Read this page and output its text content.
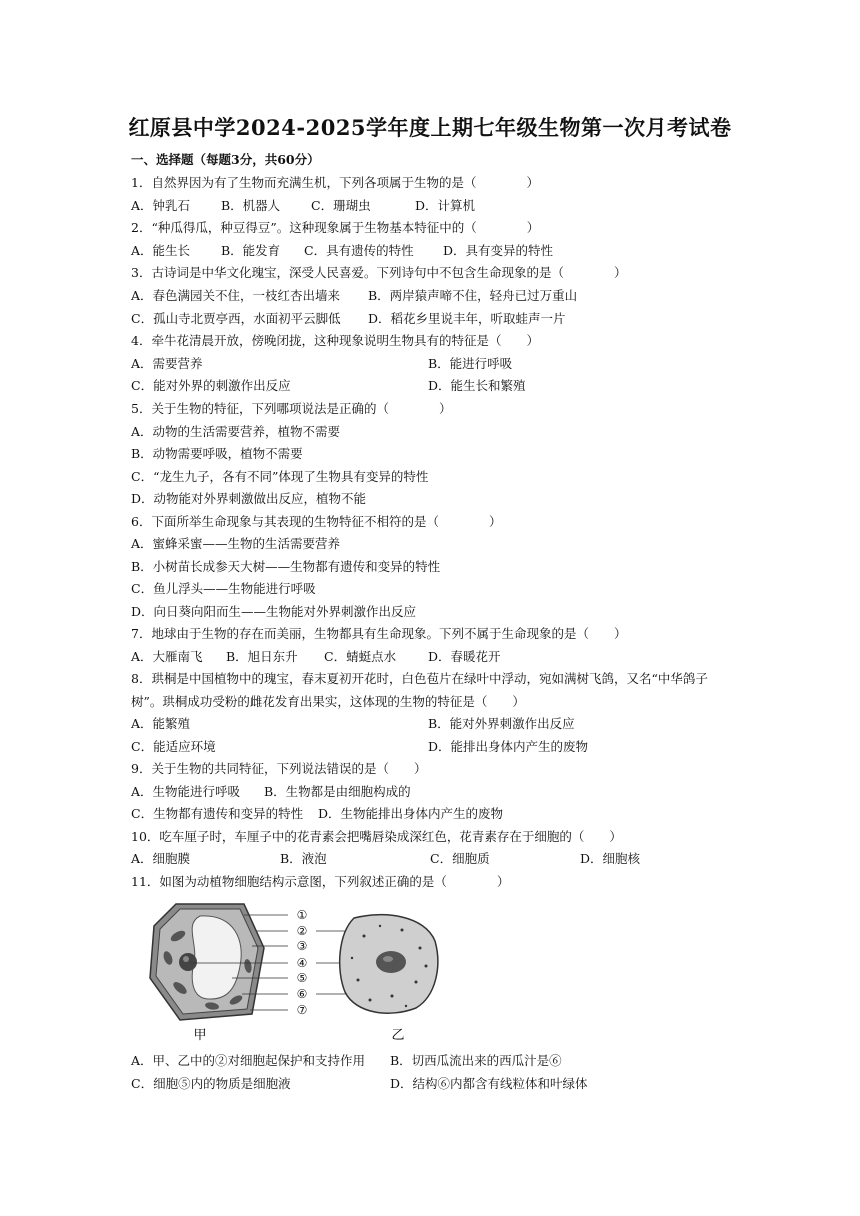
红原县中学2024-2025学年度上期七年级生物第一次月考试卷
一、选择题（每题3分，共60分）
1．自然界因为有了生物而充满生机，下列各项属于生物的是（　　　　）
A．钟乳石 B．机器人 C．珊瑚虫	D．计算机
2．“种瓜得瓜，种豆得豆”。这种现象属于生物基本特征中的（　　　　）
A．能生长 B．能发育 C．具有遗传的特性 D．具有变异的特性
3．古诗词是中华文化瑰宝，深受人民喜爱。下列诗句中不包含生命现象的是（　　　　）
A．春色满园关不住，一枝红杏出墙来 B．两岸猿声啼不住，轻舟已过万重山
C．孤山寺北贾亭西，水面初平云脚低 D．稻花乡里说丰年，听取蛙声一片
4．牵牛花清晨开放，傍晚闭拢，这种现象说明生物具有的特征是（　　）
A．需要营养	B．能进行呼吸
C．能对外界的刺激作出反应	D．能生长和繁殖
5．关于生物的特征，下列哪项说法是正确的（　　　　）
A．动物的生活需要营养，植物不需要
B．动物需要呼吸，植物不需要
C．“龙生九子，各有不同”体现了生物具有变异的特性
D．动物能对外界刺激做出反应，植物不能
6．下面所举生命现象与其表现的生物特征不相符的是（　　　　）
A．蜜蜂采蜜——生物的生活需要营养
B．小树苗长成参天大树——生物都有遗传和变异的特性
C．鱼儿浮头——生物能进行呼吸
D．向日葵向阳而生——生物能对外界刺激作出反应
7．地球由于生物的存在而美丽，生物都具有生命现象。下列不属于生命现象的是（　　）
A．大雁南飞 B．旭日东升 C．蜻蜓点水	D．春暖花开
8．珙桐是中国植物中的瑰宝，春末夏初开花时，白色苞片在绿叶中浮动，宛如满树飞鸽，又名“中华鸽子
树”。珙桐成功受粉的雌花发育出果实，这体现的生物的特征是（　　）
A．能繁殖	B．能对外界刺激作出反应
C．能适应环境	D．能排出身体内产生的废物
9．关于生物的共同特征，下列说法错误的是（　　）
A．生物能进行呼吸 B．生物都是由细胞构成的
C．生物都有遗传和变异的特性 D．生物能排出身体内产生的废物
10．吃车厘子时，车厘子中的花青素会把嘴唇染成深红色，花青素存在于细胞的（　　）
A．细胞膜	B．液泡	C．细胞质	D．细胞核
11．如图为动植物细胞结构示意图，下列叙述正确的是（　　　　）
甲
①
②
③
④
⑤
⑥
⑦
乙
A．甲、乙中的②对细胞起保护和支持作用 B．切西瓜流出来的西瓜汁是⑥
C．细胞⑤内的物质是细胞液	D．结构⑥内都含有线粒体和叶绿体
